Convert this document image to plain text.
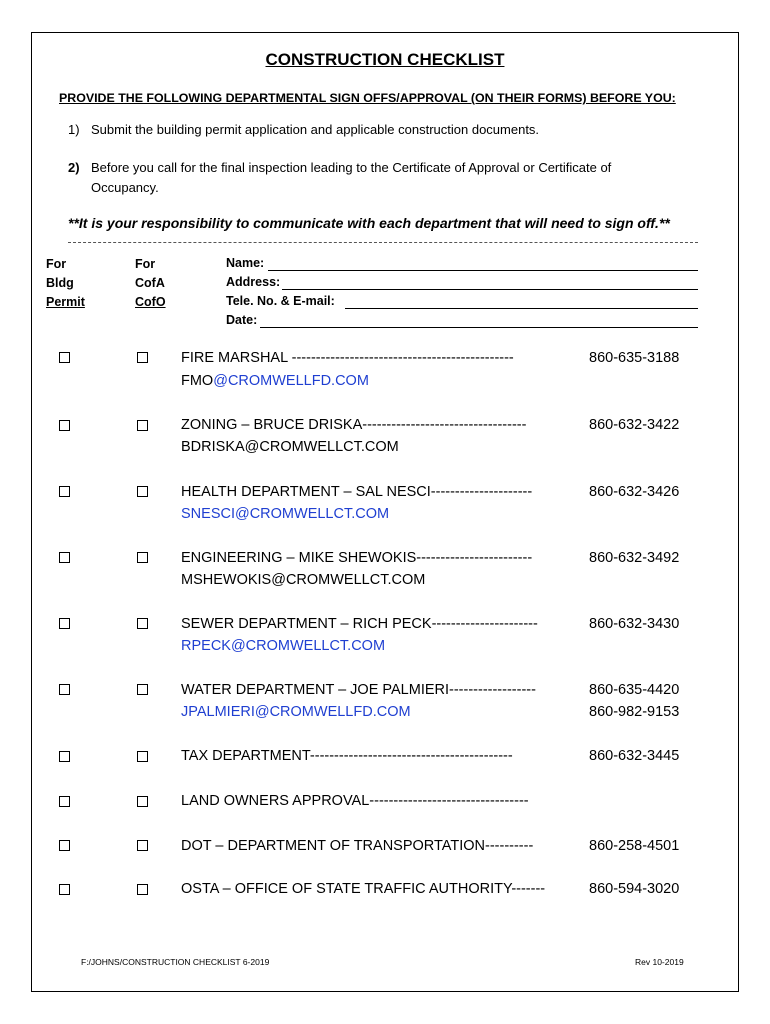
CONSTRUCTION CHECKLIST
PROVIDE THE FOLLOWING DEPARTMENTAL SIGN OFFS/APPROVAL (ON THEIR FORMS) BEFORE YOU:
1) Submit the building permit application and applicable construction documents.
2) Before you call for the final inspection leading to the Certificate of Approval or Certificate of
Occupancy.
**It is your responsibility to communicate with each department that will need to sign off.**
For
Bldg
Permit
For
CofA
CofO
Name:
Address:
Tele. No. & E-mail:
Date:
FIRE MARSHAL ----------------------------------------------
FMO@CROMWELLFD.COM
860-635-3188
ZONING – BRUCE DRISKA----------------------------------
BDRISKA@CROMWELLCT.COM
860-632-3422
HEALTH DEPARTMENT – SAL NESCI---------------------
SNESCI@CROMWELLCT.COM
860-632-3426
ENGINEERING – MIKE SHEWOKIS------------------------
MSHEWOKIS@CROMWELLCT.COM
860-632-3492
SEWER DEPARTMENT – RICH PECK----------------------
RPECK@CROMWELLCT.COM
860-632-3430
WATER DEPARTMENT – JOE PALMIERI------------------
JPALMIERI@CROMWELLFD.COM
860-635-4420
860-982-9153
TAX DEPARTMENT------------------------------------------	860-632-3445
LAND OWNERS APPROVAL---------------------------------
DOT – DEPARTMENT OF TRANSPORTATION----------	860-258-4501
OSTA – OFFICE OF STATE TRAFFIC AUTHORITY-------	860-594-3020
F:/JOHNS/CONSTRUCTION CHECKLIST 6-2019	Rev 10-2019
